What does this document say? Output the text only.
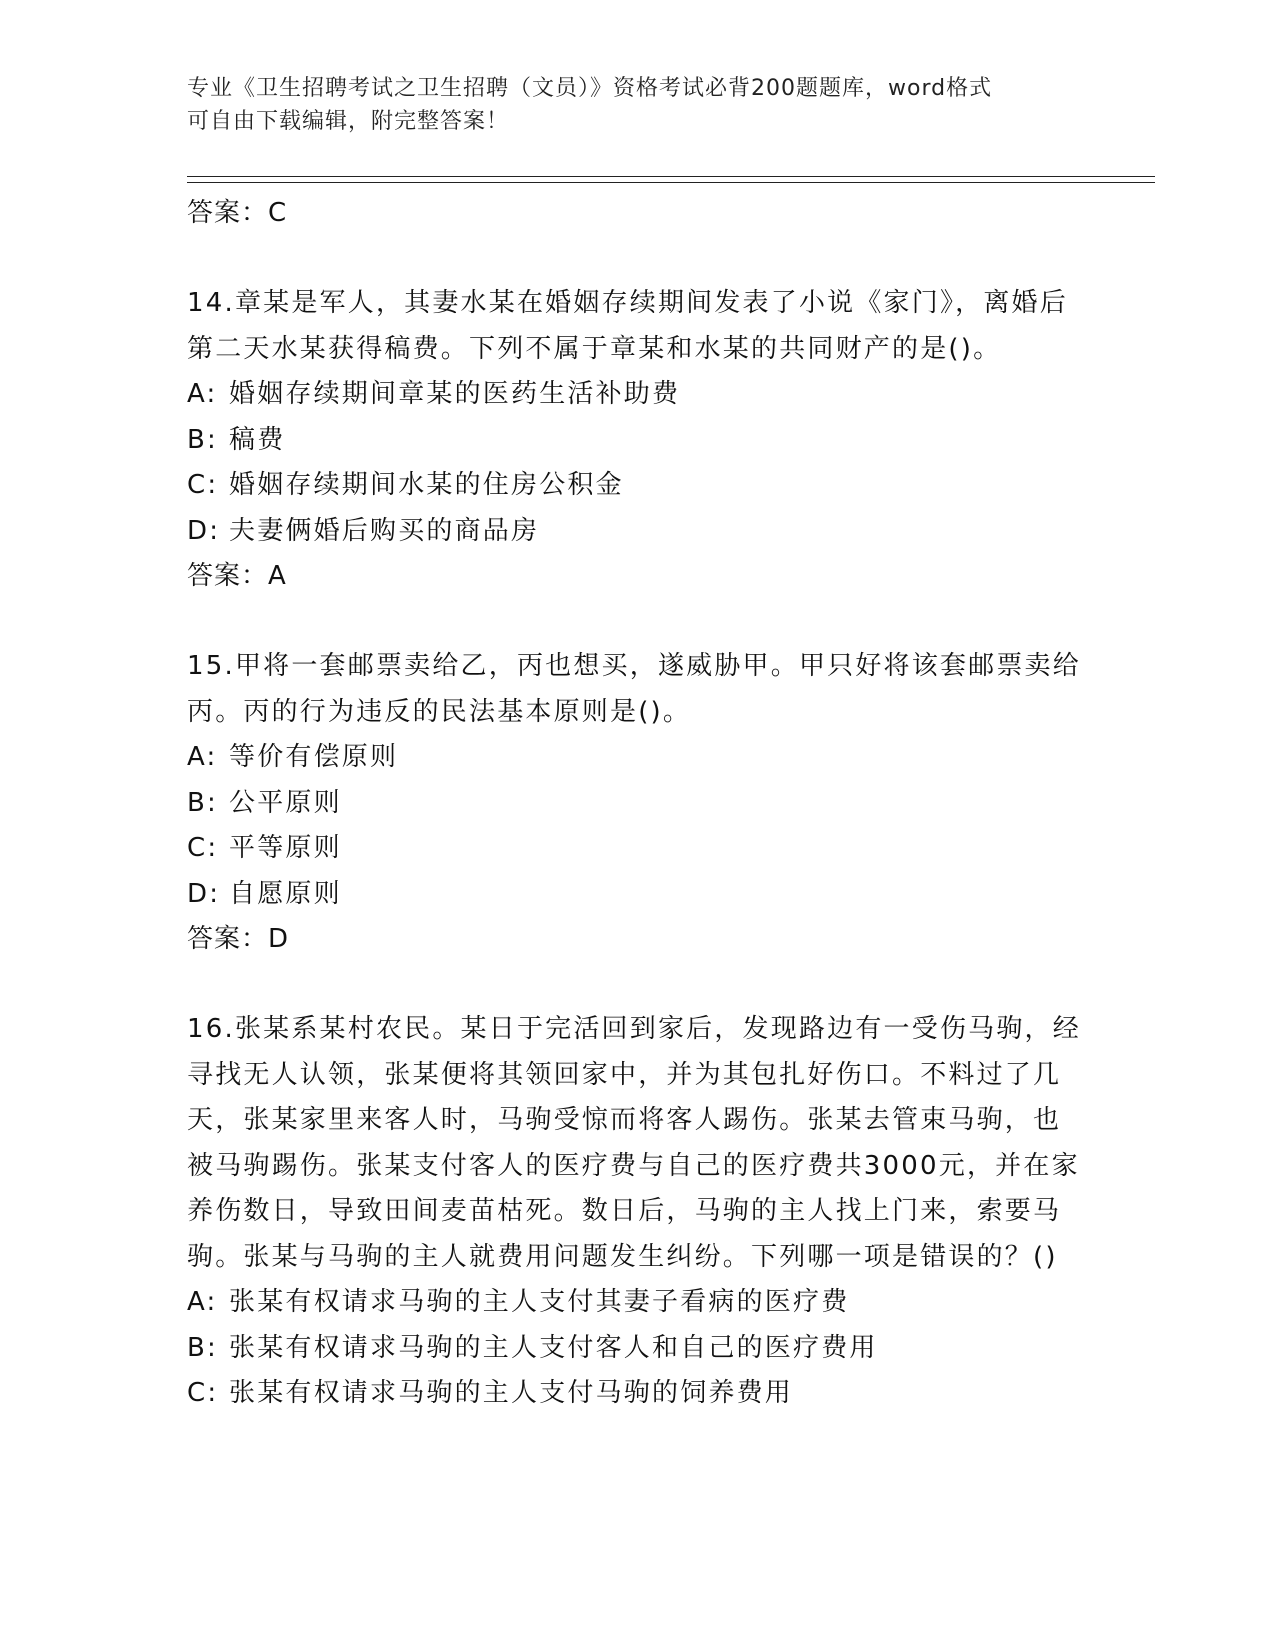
专业《卫生招聘考试之卫生招聘（文员）》资格考试必背200题题库，word格式
可自由下载编辑，附完整答案！
答案：C
14.章某是军人，其妻水某在婚姻存续期间发表了小说《家门》，离婚后第二天水某获得稿费。下列不属于章某和水某的共同财产的是()。
A: 婚姻存续期间章某的医药生活补助费
B: 稿费
C: 婚姻存续期间水某的住房公积金
D: 夫妻俩婚后购买的商品房
答案：A
15.甲将一套邮票卖给乙，丙也想买，遂威胁甲。甲只好将该套邮票卖给丙。丙的行为违反的民法基本原则是()。
A: 等价有偿原则
B: 公平原则
C: 平等原则
D: 自愿原则
答案：D
16.张某系某村农民。某日于完活回到家后，发现路边有一受伤马驹，经寻找无人认领，张某便将其领回家中，并为其包扎好伤口。不料过了几天，张某家里来客人时，马驹受惊而将客人踢伤。张某去管束马驹，也被马驹踢伤。张某支付客人的医疗费与自己的医疗费共3000元，并在家养伤数日，导致田间麦苗枯死。数日后，马驹的主人找上门来，索要马驹。张某与马驹的主人就费用问题发生纠纷。下列哪一项是错误的？()
A: 张某有权请求马驹的主人支付其妻子看病的医疗费
B: 张某有权请求马驹的主人支付客人和自己的医疗费用
C: 张某有权请求马驹的主人支付马驹的饲养费用
